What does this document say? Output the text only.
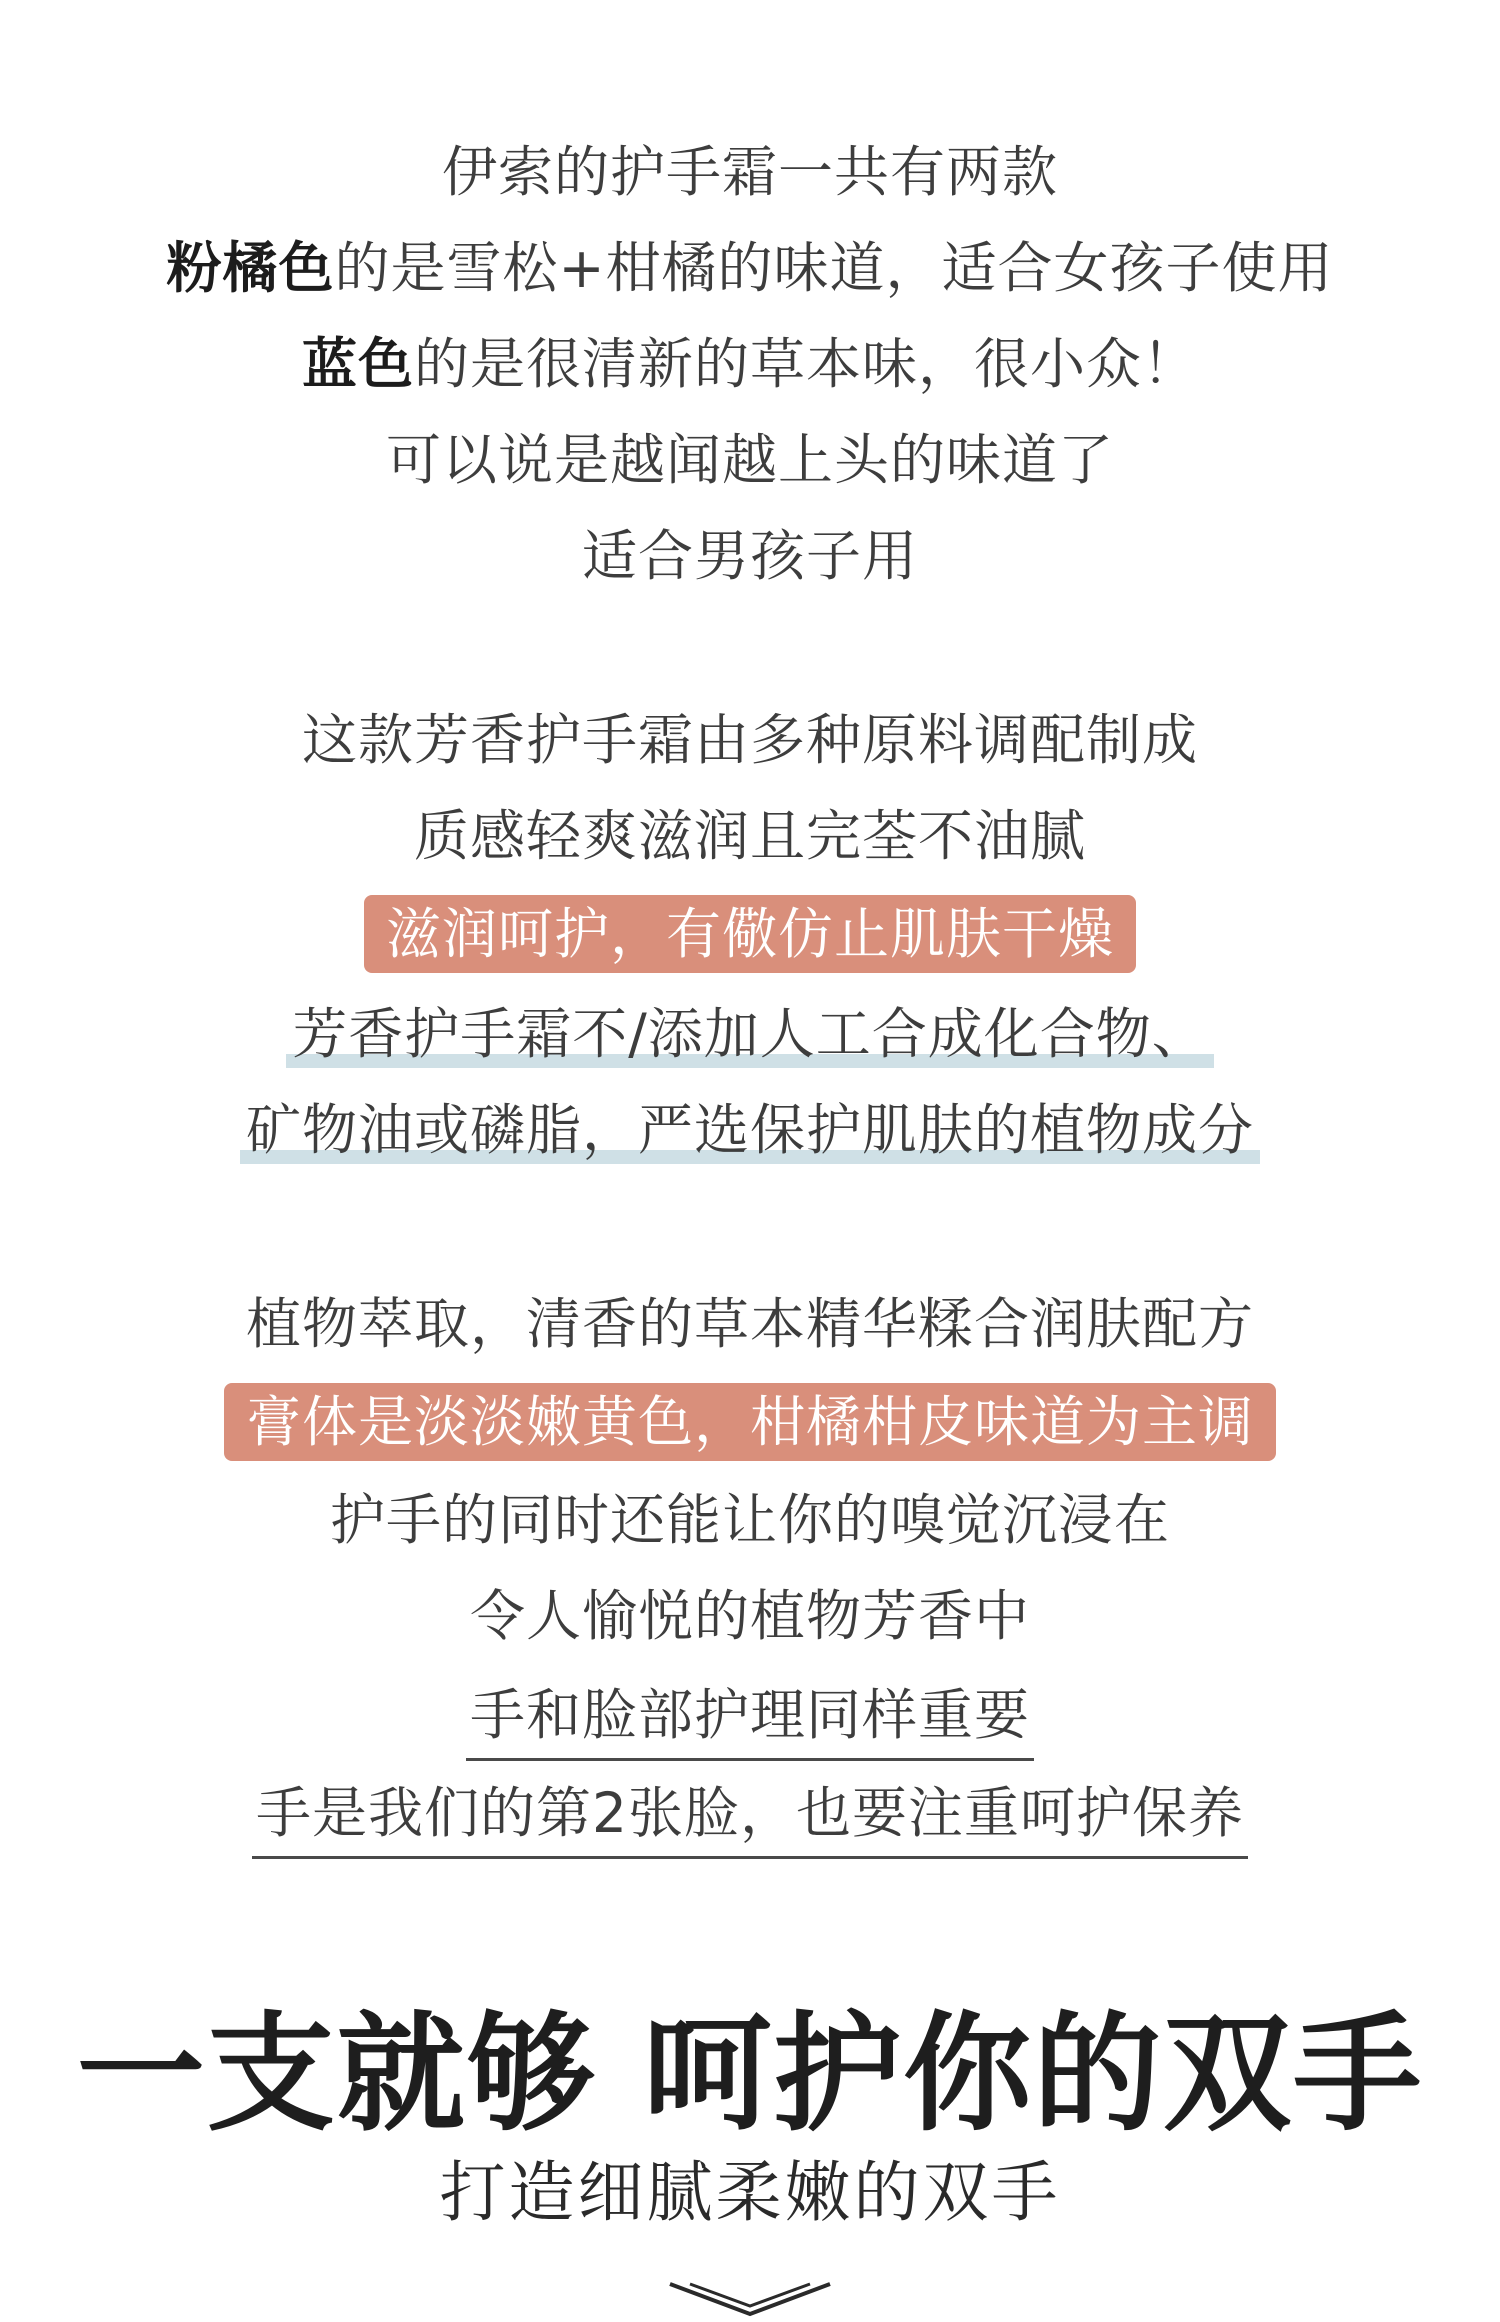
伊索的护手霜一共有两款
粉橘色的是雪松+柑橘的味道，适合女孩子使用
蓝色的是很清新的草本味，很小众！
可以说是越闻越上头的味道了
适合男孩子用
这款芳香护手霜由多种原料调配制成
质感轻爽滋润且完荃不油腻
滋润呵护，有儆仿止肌肤干燥
芳香护手霜不/添加人工合成化合物、
矿物油或磷脂，严选保护肌肤的植物成分
植物萃取，清香的草本精华糅合润肤配方
膏体是淡淡嫩黄色，柑橘柑皮味道为主调
护手的同时还能让你的嗅觉沉浸在
令人愉悦的植物芳香中
手和脸部护理同样重要
手是我们的第2张脸，也要注重呵护保养
一支就够 呵护你的双手
打造细腻柔嫩的双手
